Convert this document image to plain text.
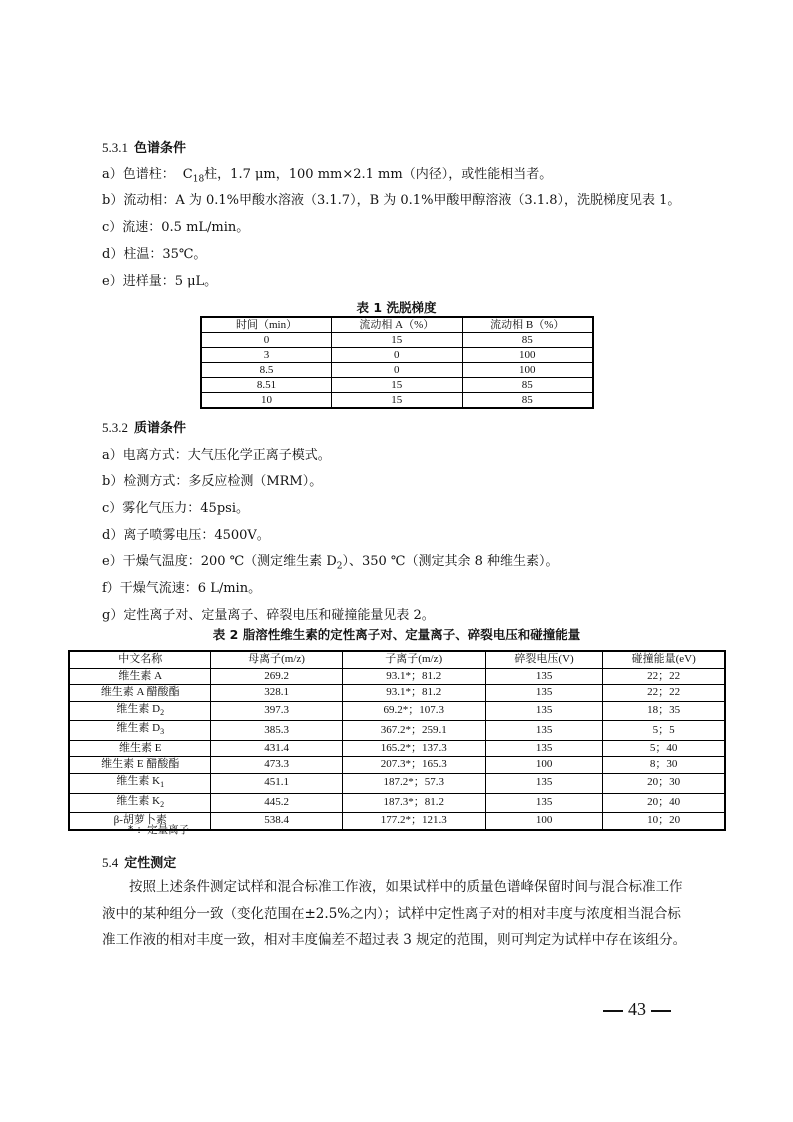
5.3.1 色谱条件
a）色谱柱： $C_{18}$柱，1.7 μm，100 mm×2.1 mm（内径），或性能相当者。
b）流动相：A 为 0.1%甲酸水溶液（3.1.7），B 为 0.1%甲酸甲醇溶液（3.1.8），洗脱梯度见表 1。
c）流速：0.5 mL/min。
d）柱温：35℃。
e）进样量：5 μL。
表 1 洗脱梯度
时间（min）	流动相 A（%）	流动相 B（%）
0	15	85
3	0	100
8.5	0	100
8.51	15	85
10	15	85
5.3.2 质谱条件
a）电离方式：大气压化学正离子模式。
b）检测方式：多反应检测（MRM）。
c）雾化气压力：45psi。
d）离子喷雾电压：4500V。
e）干燥气温度：200 ℃（测定维生素 $D_2$）、350 ℃（测定其余 8 种维生素）。
f）干燥气流速：6 L/min。
g）定性离子对、定量离子、碎裂电压和碰撞能量见表 2。
表 2 脂溶性维生素的定性离子对、定量离子、碎裂电压和碰撞能量
中文名称	母离子(m/z)	子离子(m/z)	碎裂电压(V)	碰撞能量(eV)
维生素 A	269.2	93.1*；81.2	135	22；22
维生素 A 醋酸酯	328.1	93.1*；81.2	135	22；22
维生素 $D_2$	397.3	69.2*；107.3	135	18；35
维生素 $D_3$	385.3	367.2*；259.1	135	5；5
维生素 E	431.4	165.2*；137.3	135	5；40
维生素 E 醋酸酯	473.3	207.3*；165.3	100	8；30
维生素 $K_1$	451.1	187.2*；57.3	135	20；30
维生素 $K_2$	445.2	187.3*；81.2	135	20；40
β-胡萝卜素	538.4	177.2*；121.3	100	10；20
* ：定量离子
5.4 定性测定
按照上述条件测定试样和混合标准工作液，如果试样中的质量色谱峰保留时间与混合标准工作液中的某种组分一致（变化范围在±2.5%之内）；试样中定性离子对的相对丰度与浓度相当混合标准工作液的相对丰度一致，相对丰度偏差不超过表 3 规定的范围，则可判定为试样中存在该组分。
43
